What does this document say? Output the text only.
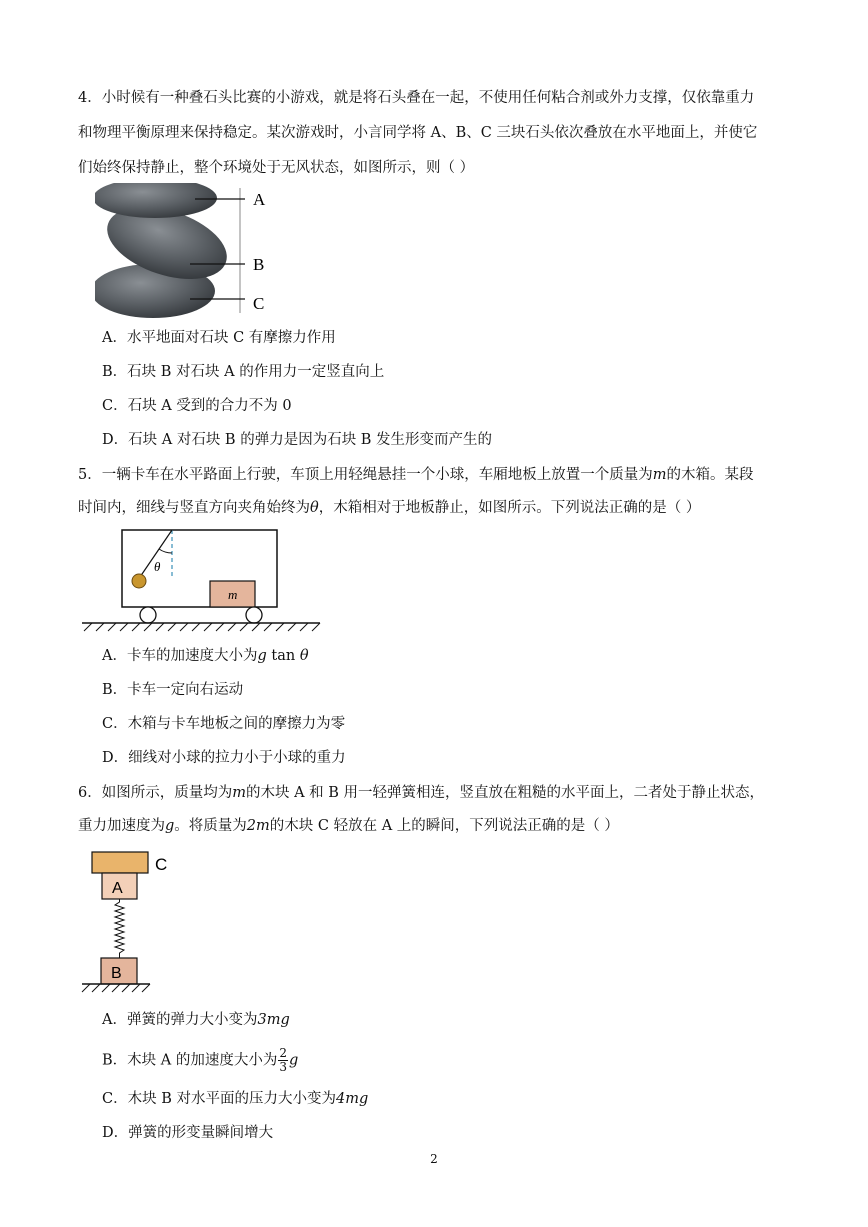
4．小时候有一种叠石头比赛的小游戏，就是将石头叠在一起，不使用任何粘合剂或外力支撑，仅依靠重力
和物理平衡原理来保持稳定。某次游戏时，小言同学将 A、B、C 三块石头依次叠放在水平地面上，并使它
们始终保持静止，整个环境处于无风状态，如图所示，则（ ）
A
B
C
A．水平地面对石块 C 有摩擦力作用
B．石块 B 对石块 A 的作用力一定竖直向上
C．石块 A 受到的合力不为 0
D．石块 A 对石块 B 的弹力是因为石块 B 发生形变而产生的
5．一辆卡车在水平路面上行驶，车顶上用轻绳悬挂一个小球，车厢地板上放置一个质量为m的木箱。某段
时间内，细线与竖直方向夹角始终为θ，木箱相对于地板静止，如图所示。下列说法正确的是（ ）
θ
m
A．卡车的加速度大小为g tan θ
B．卡车一定向右运动
C．木箱与卡车地板之间的摩擦力为零
D．细线对小球的拉力小于小球的重力
6．如图所示，质量均为m的木块 A 和 B 用一轻弹簧相连，竖直放在粗糙的水平面上，二者处于静止状态，
重力加速度为g。将质量为2m的木块 C 轻放在 A 上的瞬间，下列说法正确的是（ ）
C
A
B
A．弹簧的弹力大小变为3mg
B．木块 A 的加速度大小为 $\frac{2}{3}$ g
C．木块 B 对水平面的压力大小变为4mg
D．弹簧的形变量瞬间增大
2
